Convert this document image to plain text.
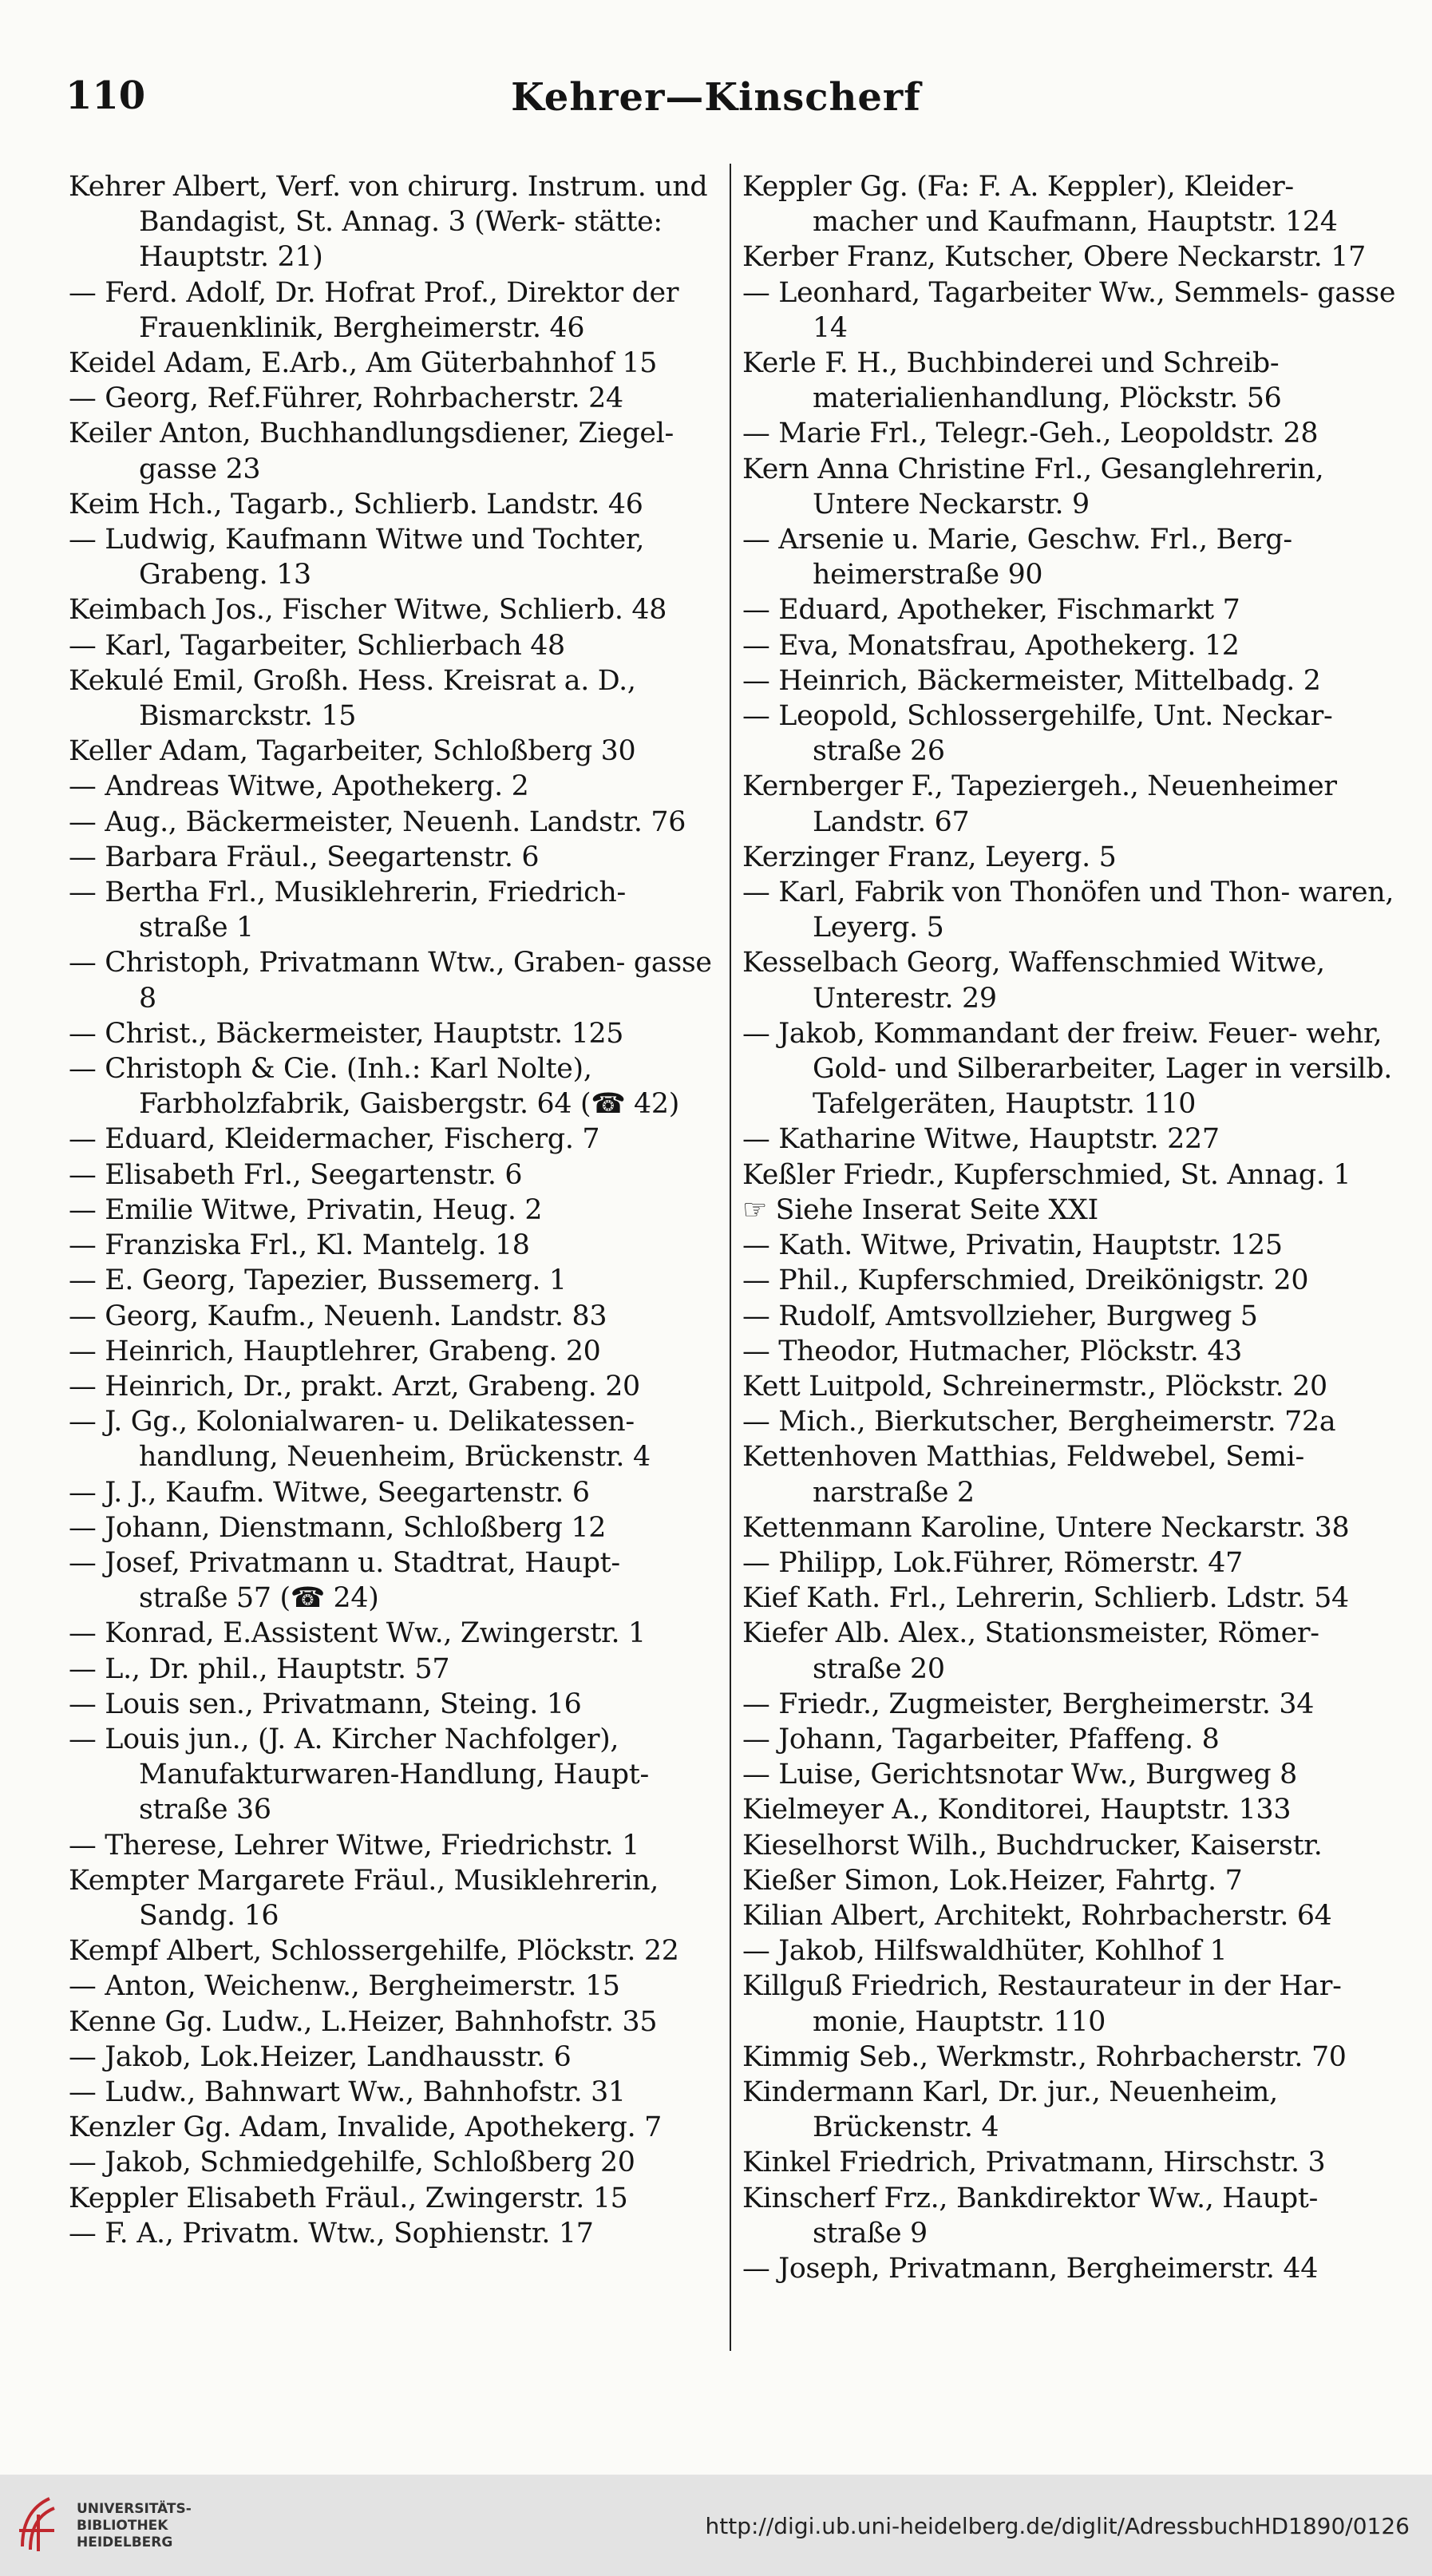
110	Kehrer—Kinscherf
Kehrer Albert, Verf. von chirurg. Instrum. und Bandagist, St. Annag. 3 (Werk- stätte: Hauptstr. 21)
— Ferd. Adolf, Dr. Hofrat Prof., Direktor der Frauenklinik, Bergheimerstr. 46
Keidel Adam, E.Arb., Am Güterbahnhof 15
— Georg, Ref.Führer, Rohrbacherstr. 24
Keiler Anton, Buchhandlungsdiener, Ziegel- gasse 23
Keim Hch., Tagarb., Schlierb. Landstr. 46
— Ludwig, Kaufmann Witwe und Tochter, Grabeng. 13
Keimbach Jos., Fischer Witwe, Schlierb. 48
— Karl, Tagarbeiter, Schlierbach 48
Kekulé Emil, Großh. Hess. Kreisrat a. D., Bismarckstr. 15
Keller Adam, Tagarbeiter, Schloßberg 30
— Andreas Witwe, Apothekerg. 2
— Aug., Bäckermeister, Neuenh. Landstr. 76
— Barbara Fräul., Seegartenstr. 6
— Bertha Frl., Musiklehrerin, Friedrich- straße 1
— Christoph, Privatmann Wtw., Graben- gasse 8
— Christ., Bäckermeister, Hauptstr. 125
— Christoph & Cie. (Inh.: Karl Nolte), Farbholzfabrik, Gaisbergstr. 64 (☎ 42)
— Eduard, Kleidermacher, Fischerg. 7
— Elisabeth Frl., Seegartenstr. 6
— Emilie Witwe, Privatin, Heug. 2
— Franziska Frl., Kl. Mantelg. 18
— E. Georg, Tapezier, Bussemerg. 1
— Georg, Kaufm., Neuenh. Landstr. 83
— Heinrich, Hauptlehrer, Grabeng. 20
— Heinrich, Dr., prakt. Arzt, Grabeng. 20
— J. Gg., Kolonialwaren- u. Delikatessen- handlung, Neuenheim, Brückenstr. 4
— J. J., Kaufm. Witwe, Seegartenstr. 6
— Johann, Dienstmann, Schloßberg 12
— Josef, Privatmann u. Stadtrat, Haupt- straße 57 (☎ 24)
— Konrad, E.Assistent Ww., Zwingerstr. 1
— L., Dr. phil., Hauptstr. 57
— Louis sen., Privatmann, Steing. 16
— Louis jun., (J. A. Kircher Nachfolger), Manufakturwaren-Handlung, Haupt- straße 36
— Therese, Lehrer Witwe, Friedrichstr. 1
Kempter Margarete Fräul., Musiklehrerin, Sandg. 16
Kempf Albert, Schlossergehilfe, Plöckstr. 22
— Anton, Weichenw., Bergheimerstr. 15
Kenne Gg. Ludw., L.Heizer, Bahnhofstr. 35
— Jakob, Lok.Heizer, Landhausstr. 6
— Ludw., Bahnwart Ww., Bahnhofstr. 31
Kenzler Gg. Adam, Invalide, Apothekerg. 7
— Jakob, Schmiedgehilfe, Schloßberg 20
Keppler Elisabeth Fräul., Zwingerstr. 15
— F. A., Privatm. Wtw., Sophienstr. 17
Keppler Gg. (Fa: F. A. Keppler), Kleider- macher und Kaufmann, Hauptstr. 124
Kerber Franz, Kutscher, Obere Neckarstr. 17
— Leonhard, Tagarbeiter Ww., Semmels- gasse 14
Kerle F. H., Buchbinderei und Schreib- materialienhandlung, Plöckstr. 56
— Marie Frl., Telegr.-Geh., Leopoldstr. 28
Kern Anna Christine Frl., Gesanglehrerin, Untere Neckarstr. 9
— Arsenie u. Marie, Geschw. Frl., Berg- heimerstraße 90
— Eduard, Apotheker, Fischmarkt 7
— Eva, Monatsfrau, Apothekerg. 12
— Heinrich, Bäckermeister, Mittelbadg. 2
— Leopold, Schlossergehilfe, Unt. Neckar- straße 26
Kernberger F., Tapeziergeh., Neuenheimer Landstr. 67
Kerzinger Franz, Leyerg. 5
— Karl, Fabrik von Thonöfen und Thon- waren, Leyerg. 5
Kesselbach Georg, Waffenschmied Witwe, Unterestr. 29
— Jakob, Kommandant der freiw. Feuer- wehr, Gold- und Silberarbeiter, Lager in versilb. Tafelgeräten, Hauptstr. 110
— Katharine Witwe, Hauptstr. 227
Keßler Friedr., Kupferschmied, St. Annag. 1
☞ Siehe Inserat Seite XXI
— Kath. Witwe, Privatin, Hauptstr. 125
— Phil., Kupferschmied, Dreikönigstr. 20
— Rudolf, Amtsvollzieher, Burgweg 5
— Theodor, Hutmacher, Plöckstr. 43
Kett Luitpold, Schreinermstr., Plöckstr. 20
— Mich., Bierkutscher, Bergheimerstr. 72a
Kettenhoven Matthias, Feldwebel, Semi- narstraße 2
Kettenmann Karoline, Untere Neckarstr. 38
— Philipp, Lok.Führer, Römerstr. 47
Kief Kath. Frl., Lehrerin, Schlierb. Ldstr. 54
Kiefer Alb. Alex., Stationsmeister, Römer- straße 20
— Friedr., Zugmeister, Bergheimerstr. 34
— Johann, Tagarbeiter, Pfaffeng. 8
— Luise, Gerichtsnotar Ww., Burgweg 8
Kielmeyer A., Konditorei, Hauptstr. 133
Kieselhorst Wilh., Buchdrucker, Kaiserstr.
Kießer Simon, Lok.Heizer, Fahrtg. 7
Kilian Albert, Architekt, Rohrbacherstr. 64
— Jakob, Hilfswaldhüter, Kohlhof 1
Killguß Friedrich, Restaurateur in der Har- monie, Hauptstr. 110
Kimmig Seb., Werkmstr., Rohrbacherstr. 70
Kindermann Karl, Dr. jur., Neuenheim, Brückenstr. 4
Kinkel Friedrich, Privatmann, Hirschstr. 3
Kinscherf Frz., Bankdirektor Ww., Haupt- straße 9
— Joseph, Privatmann, Bergheimerstr. 44
UNIVERSITÄTS-
BIBLIOTHEK
HEIDELBERG
http://digi.ub.uni-heidelberg.de/diglit/AdressbuchHD1890/0126
